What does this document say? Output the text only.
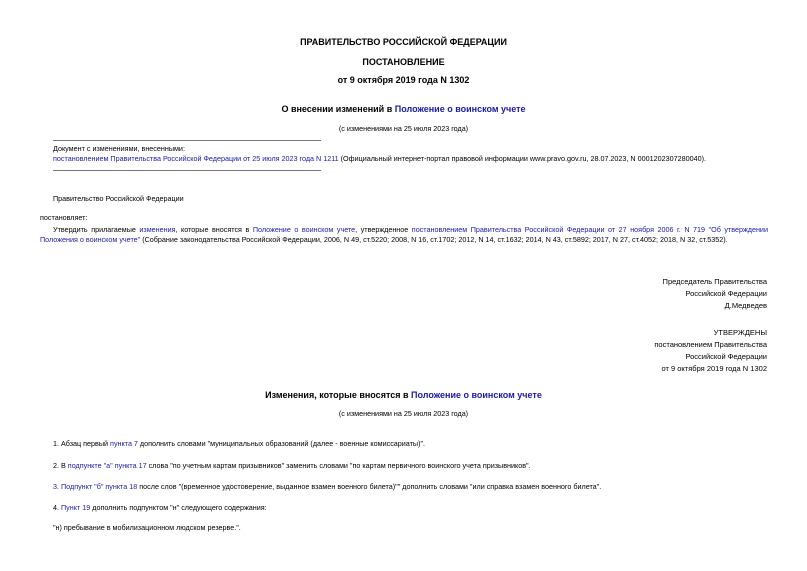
ПРАВИТЕЛЬСТВО РОССИЙСКОЙ ФЕДЕРАЦИИ
ПОСТАНОВЛЕНИЕ
от 9 октября 2019 года N 1302
О внесении изменений в Положение о воинском учете
(с изменениями на 25 июля 2023 года)
Документ с изменениями, внесенными:
постановлением Правительства Российской Федерации от 25 июля 2023 года N 1211 (Официальный интернет-портал правовой информации www.pravo.gov.ru, 28.07.2023, N 0001202307280040).
Правительство Российской Федерации
постановляет:
Утвердить прилагаемые изменения, которые вносятся в Положение о воинском учете, утвержденное постановлением Правительства Российской Федерации от 27 ноября 2006 г. N 719 "Об утверждении Положения о воинском учете" (Собрание законодательства Российской Федерации, 2006, N 49, ст.5220; 2008, N 16, ст.1702; 2012, N 14, ст.1632; 2014, N 43, ст.5892; 2017, N 27, ст.4052; 2018, N 32, ст.5352).
Председатель Правительства
Российской Федерации
Д.Медведев
УТВЕРЖДЕНЫ
постановлением Правительства
Российской Федерации
от 9 октября 2019 года N 1302
Изменения, которые вносятся в Положение о воинском учете
(с изменениями на 25 июля 2023 года)
1. Абзац первый пункта 7 дополнить словами "муниципальных образований (далее - военные комиссариаты)".
2. В подпункте "а" пункта 17 слова "по учетным картам призывников" заменить словами "по картам первичного воинского учета призывников".
3. Подпункт "б" пункта 18 после слов "(временное удостоверение, выданное взамен военного билета)"" дополнить словами "или справка взамен военного билета".
4. Пункт 19 дополнить подпунктом "н" следующего содержания:
"н) пребывание в мобилизационном людском резерве.".
